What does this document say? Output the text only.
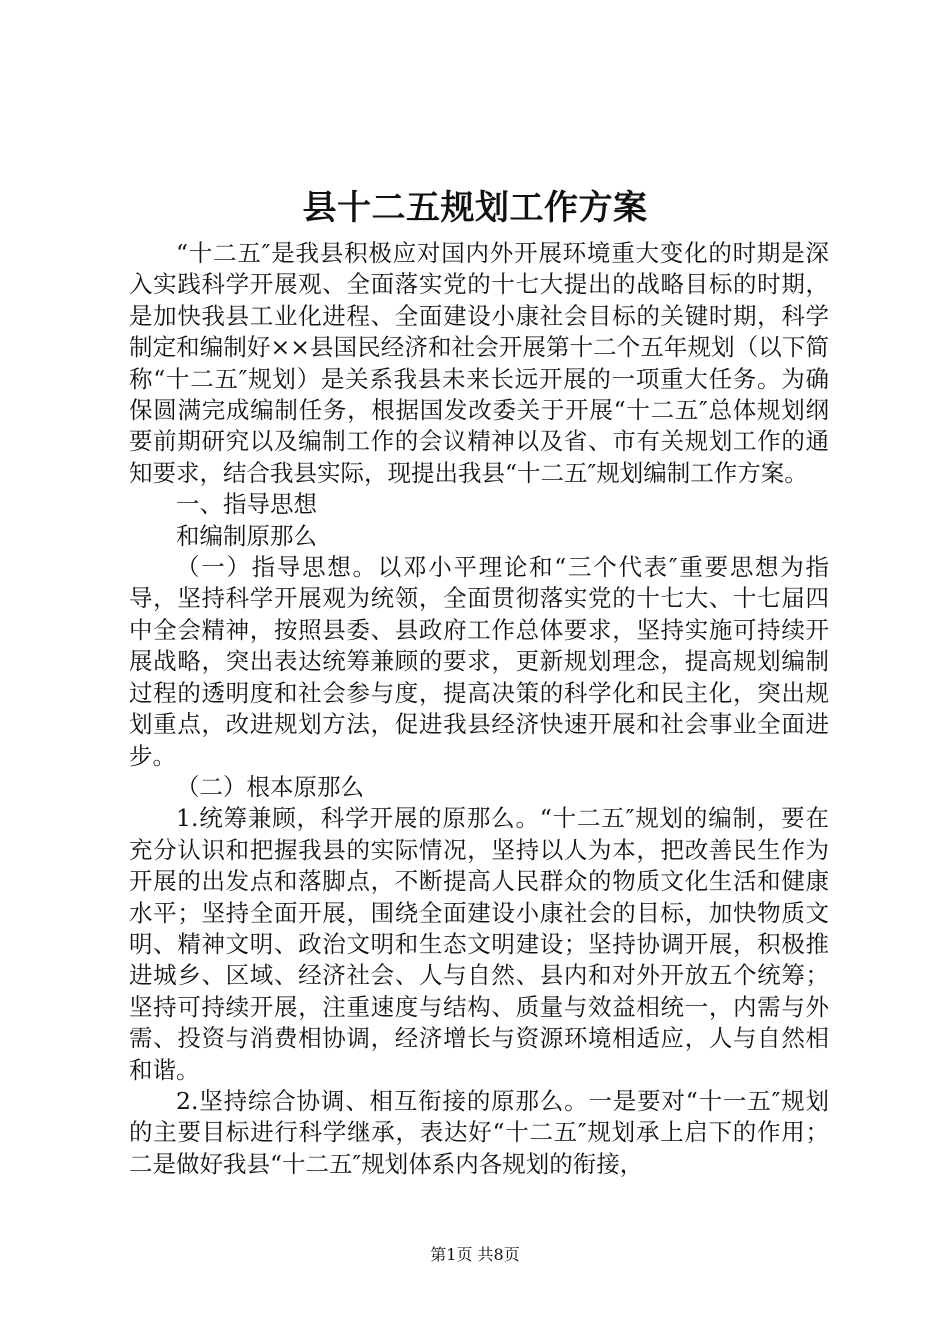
县十二五规划工作方案

“十二五″是我县积极应对国内外开展环境重大变化的时期是深入实践科学开展观、全面落实党的十七大提出的战略目标的时期，是加快我县工业化进程、全面建设小康社会目标的关键时期，科学制定和编制好××县国民经济和社会开展第十二个五年规划（以下简称“十二五″规划）是关系我县未来长远开展的一项重大任务。为确保圆满完成编制任务，根据国发改委关于开展“十二五″总体规划纲要前期研究以及编制工作的会议精神以及省、市有关规划工作的通知要求，结合我县实际，现提出我县“十二五″规划编制工作方案。

一、指导思想

和编制原那么

（一）指导思想。以邓小平理论和“三个代表″重要思想为指导，坚持科学开展观为统领，全面贯彻落实党的十七大、十七届四中全会精神，按照县委、县政府工作总体要求，坚持实施可持续开展战略，突出表达统筹兼顾的要求，更新规划理念，提高规划编制过程的透明度和社会参与度，提高决策的科学化和民主化，突出规划重点，改进规划方法，促进我县经济快速开展和社会事业全面进步。

（二）根本原那么

1.统筹兼顾，科学开展的原那么。“十二五″规划的编制，要在充分认识和把握我县的实际情况，坚持以人为本，把改善民生作为开展的出发点和落脚点，不断提高人民群众的物质文化生活和健康水平；坚持全面开展，围绕全面建设小康社会的目标，加快物质文明、精神文明、政治文明和生态文明建设；坚持协调开展，积极推进城乡、区域、经济社会、人与自然、县内和对外开放五个统筹；坚持可持续开展，注重速度与结构、质量与效益相统一，内需与外需、投资与消费相协调，经济增长与资源环境相适应，人与自然相和谐。

2.坚持综合协调、相互衔接的原那么。一是要对“十一五″规划的主要目标进行科学继承，表达好“十二五″规划承上启下的作用；二是做好我县“十二五″规划体系内各规划的衔接，

第1页 共8页
